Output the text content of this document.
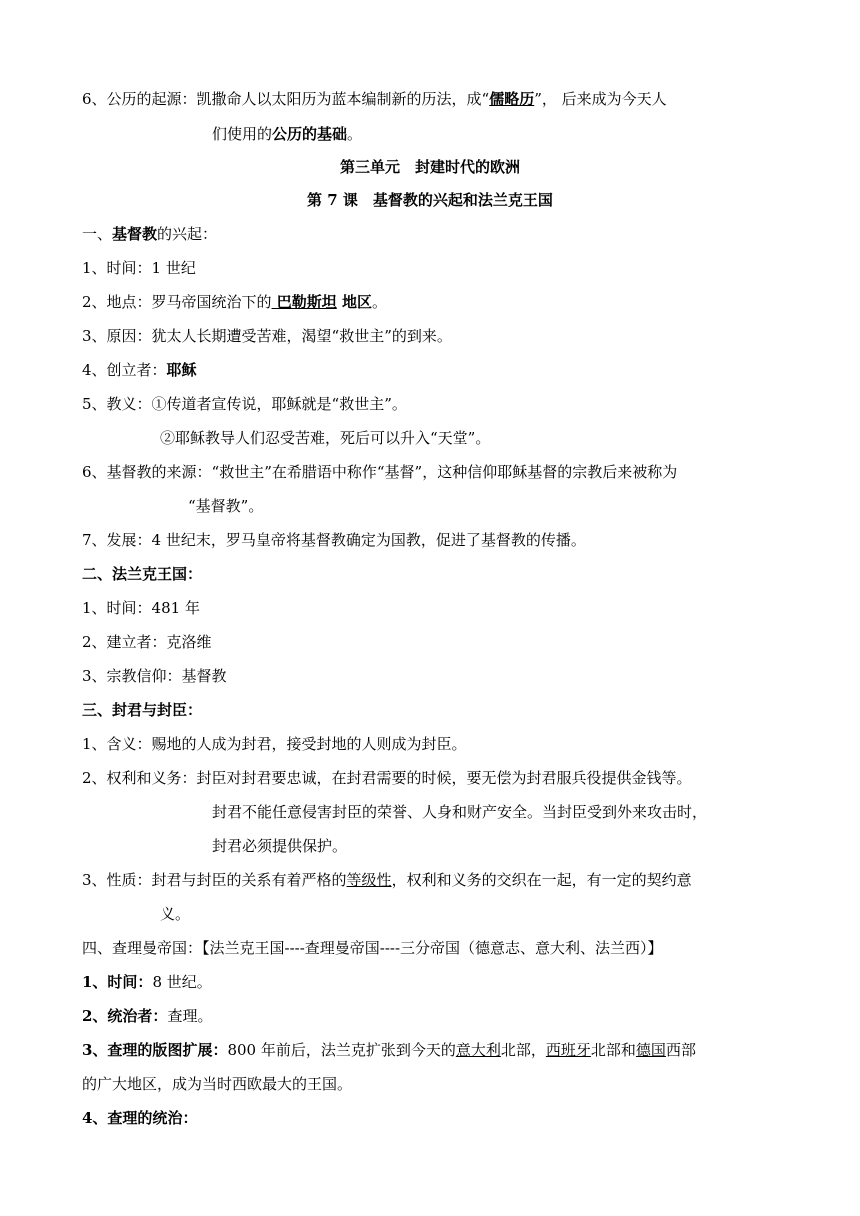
6、公历的起源：凯撒命人以太阳历为蓝本编制新的历法，成“儒略历”， 后来成为今天人
们使用的公历的基础。
第三单元　封建时代的欧洲
第 7 课　基督教的兴起和法兰克王国
一、基督教的兴起：
1、时间：1 世纪
2、地点：罗马帝国统治下的 巴勒斯坦 地区。
3、原因：犹太人长期遭受苦难，渴望“救世主”的到来。
4、创立者：耶稣
5、教义：①传道者宣传说，耶稣就是“救世主”。
②耶稣教导人们忍受苦难，死后可以升入“天堂”。
6、基督教的来源：“救世主”在希腊语中称作“基督”，这种信仰耶稣基督的宗教后来被称为
“基督教”。
7、发展：4 世纪末，罗马皇帝将基督教确定为国教，促进了基督教的传播。
二、法兰克王国：
1、时间：481 年
2、建立者：克洛维
3、宗教信仰：基督教
三、封君与封臣：
1、含义：赐地的人成为封君，接受封地的人则成为封臣。
2、权利和义务：封臣对封君要忠诚，在封君需要的时候，要无偿为封君服兵役提供金钱等。
封君不能任意侵害封臣的荣誉、人身和财产安全。当封臣受到外来攻击时，
封君必须提供保护。
3、性质：封君与封臣的关系有着严格的等级性，权利和义务的交织在一起，有一定的契约意
义。
四、查理曼帝国：【法兰克王国----查理曼帝国----三分帝国（德意志、意大利、法兰西）】
1、时间：8 世纪。
2、统治者：查理。
3、查理的版图扩展：800 年前后，法兰克扩张到今天的意大利北部，西班牙北部和德国西部
的广大地区，成为当时西欧最大的王国。
4、查理的统治：
